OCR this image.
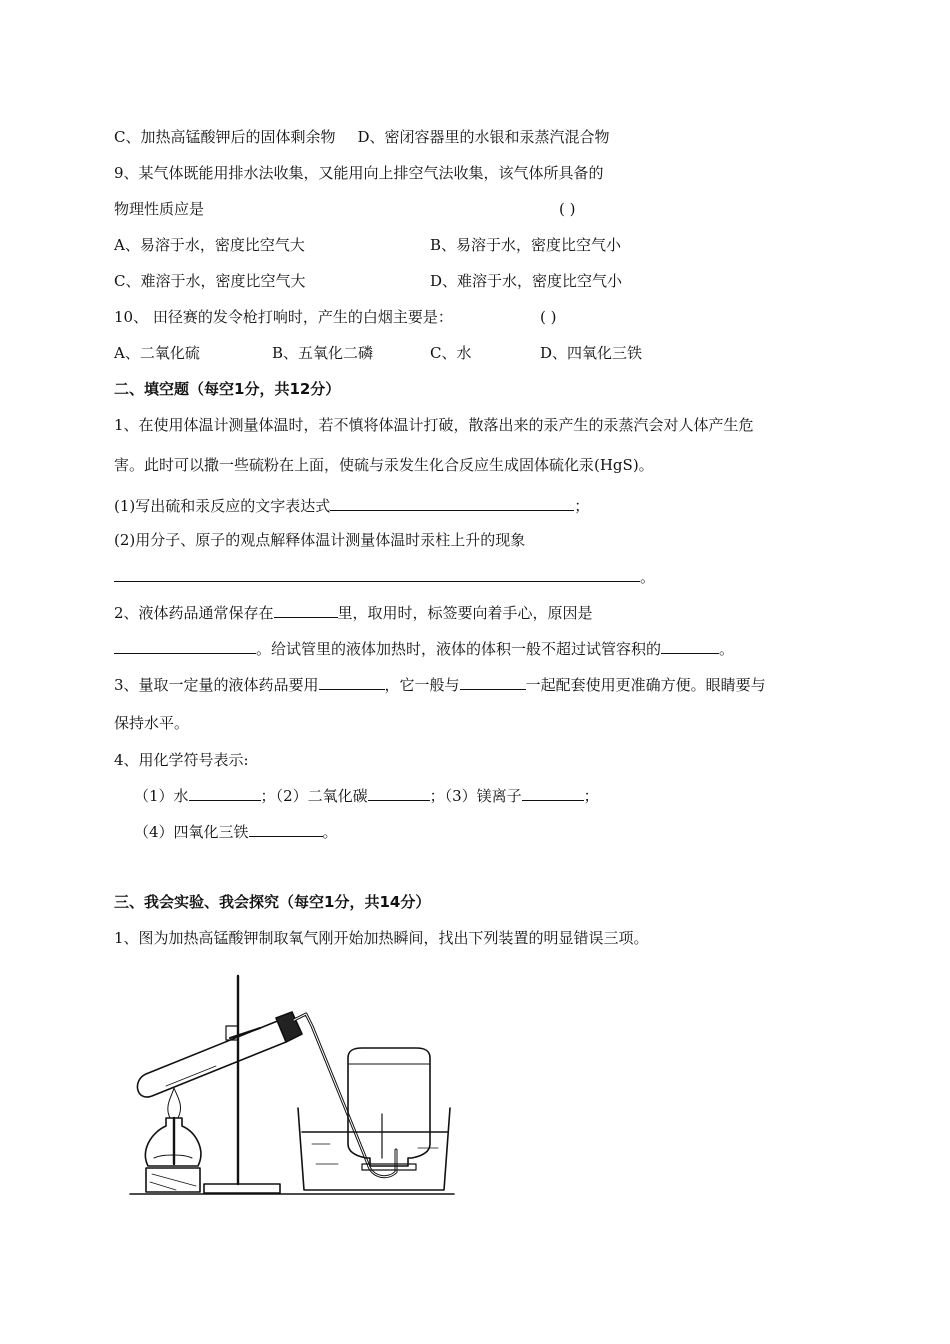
C、加热高锰酸钾后的固体剩余物 D、密闭容器里的水银和汞蒸汽混合物
9、某气体既能用排水法收集，又能用向上排空气法收集，该气体所具备的
物理性质应是	( )
A、易溶于水，密度比空气大	B、易溶于水，密度比空气小
C、难溶于水，密度比空气大	D、难溶于水，密度比空气小
10、 田径赛的发令枪打响时，产生的白烟主要是：	( )
A、二氧化硫	B、五氧化二磷	C、水	D、四氧化三铁
二、填空题（每空1分，共12分）
1、在使用体温计测量体温时，若不慎将体温计打破，散落出来的汞产生的汞蒸汽会对人体产生危
害。此时可以撒一些硫粉在上面，使硫与汞发生化合反应生成固体硫化汞(HgS)。
(1)写出硫和汞反应的文字表达式	；
(2)用分子、原子的观点解释体温计测量体温时汞柱上升的现象
。
2、液体药品通常保存在	里，取用时，标签要向着手心，原因是
。给试管里的液体加热时，液体的体积一般不超过试管容积的	。
3、量取一定量的液体药品要用	，它一般与	一起配套使用更准确方便。眼睛要与
保持水平。
4、用化学符号表示:
（1）水	；（2）二氧化碳	；（3）镁离子	；
（4）四氧化三铁	。
三、我会实验、我会探究（每空1分，共14分）
1、图为加热高锰酸钾制取氧气刚开始加热瞬间，找出下列装置的明显错误三项。
